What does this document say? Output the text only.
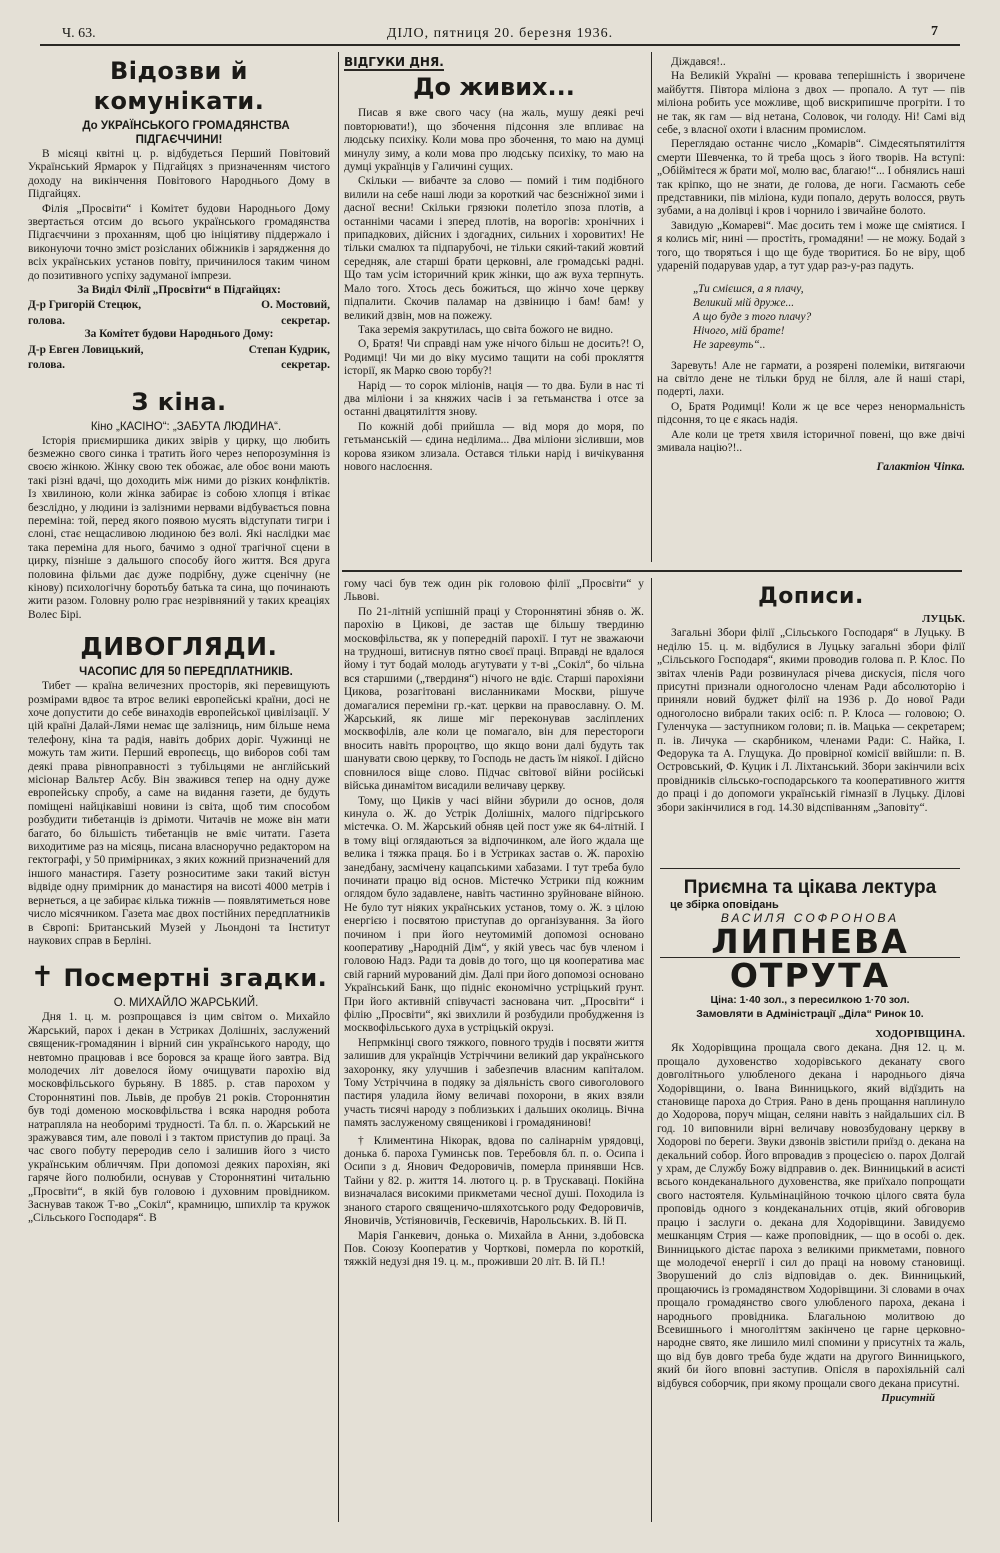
Ч. 63.	ДІЛО, пятниця 20. березня 1936.	7
Відозви й комунікати.

До УКРАЇНСЬКОГО ГРОМАДЯНСТВА ПІДГАЄЧЧИНИ!

В місяці квітні ц. р. відбудеться Перший Повітовий Український Ярмарок у Підгайцях з призначенням чистого доходу на викінчення Повітового Народнього Дому в Підгайцях.

Філія „Просвіти“ і Комітет будови Народнього Дому звертається отсим до всього українського громадянства Підгаєччини з проханням, щоб цю ініціятиву піддержало і виконуючи точно зміст розісланих обіжників і зарядження до всіх українських установ повіту, причинилося таким чином до позитивного успіху задуманої імпрези.

За Виділ Філії „Просвіти“ в Підгайцях:

Д-р Григорій Стецюк,	О. Мостовий,
голова.	секретар.

За Комітет будови Народнього Дому:

Д-р Евген Ловицький,	Степан Кудрик,
голова.	секретар.
З кіна.

Кіно „КАСІНО“: „ЗАБУТА ЛЮДИНА“.

Історія приємиршика диких звірів у цирку, що любить безмежно свого синка і тратить його через непорозуміння із своєю жінкою. Жінку свою тек обожає, але обоє вони мають такі різні вдачі, що доходить між ними до різких конфліктів. Із хвилиною, коли жінка забирає із собою хлопця і втікає безслідно, у людини із залізними нервами відбувається повна переміна: той, перед якого появою мусять відступати тигри і слоні, стає нещасливою людиною без волі. Які наслідки має така переміна для нього, бачимо з одної трагічної сцени в цирку, пізніше з дальшого способу його життя. Вся друга половина фільми дає дуже подрібну, дуже сценічну (не кінову) психологічну боротьбу батька та сина, що починають жити разом. Головну ролю грає незрівняний у таких креаціях Волес Бірі.

ДИВОГЛЯДИ.

ЧАСОПИС ДЛЯ 50 ПЕРЕДПЛАТНИКІВ.

Тибет — країна величезних просторів, які перевищують розмірами вдвоє та втроє великі европейські країни, досі не хоче допустити до себе винаходів европейської цивілізації. У цій країні Далай-Лями немає ще залізниць, ним більше нема телефону, кіна та радія, навіть добрих доріг. Чужинці не можуть там жити. Перший европеєць, що виборов собі там деякі права рівноправності з тубільцями не англійський місіонар Вальтер Асбу. Він зважився тепер на одну дуже европейську спробу, а саме на видання газети, де будуть поміщені найцікавіші новини із світа, щоб тим способом розбудити тибетанців із дрімоти. Читачів не може він мати багато, бо більшість тибетанців не вміє читати. Газета виходитиме раз на місяць, писана власноручно редактором на гектографі, у 50 примірниках, з яких кожний призначений для іншого манастиря. Газету розноситиме заки такий вістун відвіде одну примірник до манастиря на висоті 4000 метрів і вернеться, а це забирає кілька тижнів — появлятиметься нове число місячником. Газета має двох постійних передплатників в Європі: Британський Музей у Льондоні та Інститут наукових справ в Берліні.

✝ Посмертні згадки.

О. МИХАЙЛО ЖАРСЬКИЙ.

Дня 1. ц. м. розпрощався із цим світом о. Михайло Жарський, парох і декан в Устриках Долішніх, заслужений священик-громадянин і вірний син українського народу, що невтомно працював і все боровся за краще його завтра. Від молодечих літ довелося йому очищувати парохію від московфільського бурьяну. В 1885. р. став парохом у Стороннятині пов. Львів, де пробув 21 років. Стороннятин був тоді доменою московфільства і всяка народня робота натрапляла на необоримі трудності. Та бл. п. о. Жарський не зражувався тим, але поволі і з тактом приступив до праці. За час свого побуту переродив село і залишив його з чисто українським обличчям. При допомозі деяких парохіян, які гаряче його полюбили, оснував у Стороннятині читальню „Просвіти“, в якій був головою і духовним провідником. Заснував також Т-во „Сокіл“, крамницю, шпихлір та кружок „Сільського Господаря“. В

ВІДГУКИ ДНЯ.
До живих...

Писав я вже свого часу (на жаль, мушу деякі речі повторювати!), що збочення підсоння зле впливає на людську психіку. Коли мова про збочення, то маю на думці минулу зиму, а коли мова про людську психіку, то маю на думці українців у Галичині сущих.

Скільки — вибачте за слово — помий і тим подібного вилили на себе наші люди за короткий час безсніжної зими і дасної весни! Скільки грязюки полетіло зпоза плотів, а останніми часами і зперед плотів, на ворогів: хронічних і припадкових, дійсних і здогадних, сильних і хоровитих! Не тільки смалюх та підпарубочі, не тільки сякий-такий жовтий середняк, але старші брати церковні, але громадські радні. Що там усім історичний крик жінки, що аж вуха терпнуть. Мало того. Хтось десь божиться, що жінчо хоче церкву підпалити. Скочив паламар на дзвіницю і бам! бам! у великий дзвін, мов на пожежу.

Така зеремія закрутилась, що світа божого не видно.

О, Братя! Чи справді нам уже нічого більш не досить?! О, Родимці! Чи ми до віку мусимо тащити на собі прокляття історії, як Марко свою торбу?!

Нарід — то сорок міліонів, нація — то два. Були в нас ті два міліони і за княжих часів і за гетьманства і отсе за останні двацятиліття знову.

По кожній добі прийшла — від моря до моря, по гетьманській — єдина неділима... Два міліони зісливши, мов корова язиком злизала. Остався тільки нарід і вичікування нового наслоєння.

Діждався!..

На Великій Україні — кровава теперішність і зворичене майбуття. Півтора міліона з двох — пропало. А тут — пів міліона робить усе можливе, щоб вискрипишче прогріти. І то не так, як гам — від нетана, Соловок, чи голоду. Ні! Самі від себе, з власної охоти і власним промислом.

Переглядаю останнє число „Комарів“. Сімдесятьпятиліття смерти Шевченка, то й треба щось з його творів. На вступі: „Обіймітеся ж брати мої, молю вас, благаю!“... І обнялись наші так кріпко, що не знати, де голова, де ноги. Гасмають себе представники, пів міліона, куди попало, деруть волосся, рвуть зубами, а на долівці і кров і чорнило і звичайне болото.

Завидую „Комареві“. Має досить тем і може ще сміятися. І я колись міг, нині — простіть, громадяни! — не можу. Бодай з того, що творяться і що ще буде творитися. Бо не віру, щоб удареній подарував удар, а тут удар раз-у-раз падуть.

„Ти смієшся, а я плачу,
Великий мій друже...
А що буде з того плачу?
Нічого, мій брате!
Не заревуть“..

Заревуть! Але не гармати, а розярені полеміки, витягаючи на світло дене не тільки бруд не білля, але й наші старі, подерті, лахи.

О, Братя Родимці! Коли ж це все через ненормальність підсоння, то це є якась надія.

Але коли це третя хвиля історичної повені, що вже двічі змивала націю?!..

Галактіон Чіпка.

гому часі був теж один рік головою філії „Просвіти“ у Львові.

По 21-літній успішній праці у Стороннятині збняв о. Ж. парохію в Цикові, де застав ще більшу твердиню московфільства, як у попередній парохії. І тут не зважаючи на трудноші, витиснув пятно своєї праці. Вправді не вдалося йому і тут бодай молодь агутувати у т-ві „Сокіл“, бо чільна вся старшими („твердиня“) нічого не вдіє. Старші парохіяни Цикова, розагітовані висланниками Москви, рішуче домагалися переміни гр.-кат. церкви на православну. О. М. Жарський, як лише міг переконував засліплених москвофілів, але коли це помагало, він для перестороги вносить навіть пророцтво, що якщо вони далі будуть так шанувати свою церкву, то Господь не дасть їм ніякої. І дійсно сповнилося віще слово. Підчас світової війни російські війська динамітом висадили величаву церкву.

Тому, що Циків у часі війни збурили до основ, доля кинула о. Ж. до Устрік Долішніх, малого підгірського містечка. О. М. Жарський обняв цей пост уже як 64-літній. І в тому віці оглядаються за відпочинком, але його ждала ще велика і тяжка праця. Бо і в Устриках застав о. Ж. парохію занедбану, засмічену кацапськими хабазами. І тут треба було починати працю від основ. Містечко Устрики під кожним оглядом було задавлене, навіть частинно зруйноване війною. Не було тут ніяких українських установ, тому о. Ж. з цілою енергією і посвятою приступав до організування. За його почином і при його неутомимій допомозі основано кооперативу „Народній Дім“, у якій увесь час був членом і головою Надз. Ради та довів до того, що ця кооператива має свій гарний мурований дім. Далі при його допомозі основано Український Банк, що підніс економічно устріцький ґрунт. При його активній співучасті заснована чит. „Просвіти“ і філію „Просвіти“, які звихлили й розбудили пробудження із москвофільського духа в устріцькій окрузі.

Непрмкінці свого тяжкого, повного трудів і посвяти життя залишив для українців Устріччини великий дар українського захоронку, яку улучшив і забезпечив власним капіталом. Тому Устріччина в подяку за діяльність свого сивоголового пастиря уладила йому величаві похорони, в яких взяли участь тисячі народу з поблизьких і дальших околиць. Вічна память заслуженому священикові і громадянинові!

† Климентина Нікорак, вдова по салінарнім урядовці, донька б. пароха Гуминськ пов. Теребовля бл. п. о. Осипа і Осипи з д. Янович Федоровичів, померла принявши Нсв. Тайни у 82. р. життя 14. лютого ц. р. в Трускаваці. Покійна визначалася високими прикметами чесної душі. Походила із знаного старого священичо-шляхотського роду Федоровичів, Яновичів, Устіяновичів, Гескевичів, Нарольських. В. Ій П.

Марія Ганкевич, донька о. Михайла в Анни, з.добовска Пов. Союзу Кооператив у Чорткові, померла по короткій, тяжкій недузі дня 19. ц. м., проживши 20 літ. В. Ій П.!

Дописи.

ЛУЦЬК.

Загальні Збори філії „Сільського Господаря“ в Луцьку. В неділю 15. ц. м. відбулися в Луцьку загальні збори філії „Сільського Господаря“, якими проводив голова п. Р. Клос. По звітах членів Ради розвинулася річева дискусія, після чого присутні признали одноголосно членам Ради абсолюторію і приняли новий буджет філії на 1936 р. До нової Ради одноголосно вибрали таких осіб: п. Р. Клоса — головою; О. Гуленчука — заступником голови; п. ів. Мацька — секретарем; п. ів. Личука — скарбником, членами Ради: С. Найка, І. Федорука та А. Глущука. До провірної комісії ввійшли: п. В. Островський, Ф. Куцик і Л. Ліхтанський. Збори закінчили всіх провідників сільсько-господарського та кооперативного життя до праці і до допомоги українській гімназії в Луцьку. Ділові збори закінчилися в год. 14.30 відспіванням „Заповіту“.

Приємна та цікава лектура
це збірка оповідань
ВАСИЛЯ СОФРОНОВА
ЛИПНЕВА ОТРУТА
Ціна: 1·40 зол., з пересилкою 1·70 зол.
Замовляти в Адміністрації „Діла“ Ринок 10.

ХОДОРІВЩИНА.

Як Ходорівщина прощала свого декана. Дня 12. ц. м. прощало духовенство ходорівського деканату свого довголітнього улюбленого декана і народнього діяча Ходорівщини, о. Івана Винницького, який відїздить на становище пароха до Стрия. Рано в день прощання наплинуло до Ходорова, поруч міщан, селяни навіть з найдальших сіл. В год. 10 виповнили вірні величаву новозбудовану церкву в Ходорові по береги. Звуки дзвонів звістили приїзд о. декана на декальний собор. Його впровадив з процесією о. парох Долгай у храм, де Службу Божу відправив о. дек. Винницький в асисті всього кондеканального духовенства, яке приїхало попрощати свого настоятеля. Кульмінаційною точкою цілого свята була проповідь одного з кондеканальних отців, який обговорив працю і заслуги о. декана для Ходорівщини. Завидуємо мешканцям Стрия — каже проповідник, — що в особі о. дек. Винницького дістає пароха з великими прикметами, повного ще молодечої енергії і сил до праці на новому становищі. Зворушений до сліз відповідав о. дек. Винницький, прощаючись із громадянством Ходорівщини. Зі словами в очах прощало громадянство свого улюбленого пароха, декана і народнього провідника. Благальною молитвою до Всевишнього і многоліттям закінчено це гарне церковно-народне свято, яке лишило милі спомини у присутніх та жаль, що від був довго треба буде ждати на другого Винницького, який би його вповні заступив. Опісля в парохіяльній салі відбувся соборчик, при якому прощали свого декана присутні.

Присутній
